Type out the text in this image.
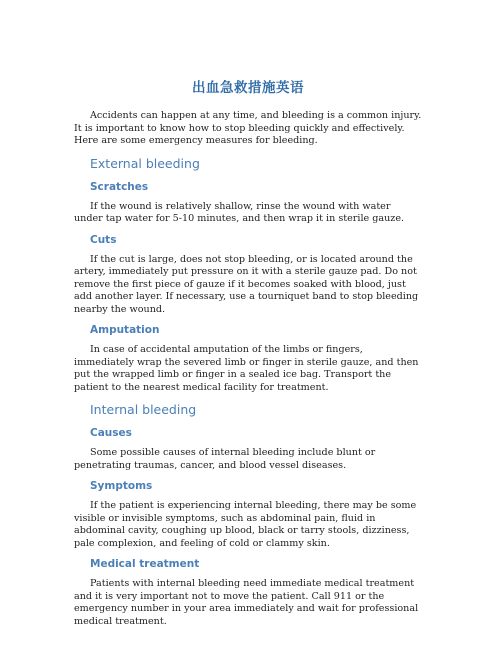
出血急救措施英语

Accidents can happen at any time, and bleeding is a common injury. It is important to know how to stop bleeding quickly and effectively. Here are some emergency measures for bleeding.

External bleeding
Scratches

If the wound is relatively shallow, rinse the wound with water under tap water for 5-10 minutes, and then wrap it in sterile gauze.

Cuts

If the cut is large, does not stop bleeding, or is located around the artery, immediately put pressure on it with a sterile gauze pad. Do not remove the first piece of gauze if it becomes soaked with blood, just add another layer. If necessary, use a tourniquet band to stop bleeding nearby the wound.

Amputation

In case of accidental amputation of the limbs or fingers, immediately wrap the severed limb or finger in sterile gauze, and then put the wrapped limb or finger in a sealed ice bag. Transport the patient to the nearest medical facility for treatment.

Internal bleeding
Causes

Some possible causes of internal bleeding include blunt or penetrating traumas, cancer, and blood vessel diseases.

Symptoms

If the patient is experiencing internal bleeding, there may be some visible or invisible symptoms, such as abdominal pain, fluid in abdominal cavity, coughing up blood, black or tarry stools, dizziness, pale complexion, and feeling of cold or clammy skin.

Medical treatment

Patients with internal bleeding need immediate medical treatment and it is very important not to move the patient. Call 911 or the emergency number in your area immediately and wait for professional medical treatment.
